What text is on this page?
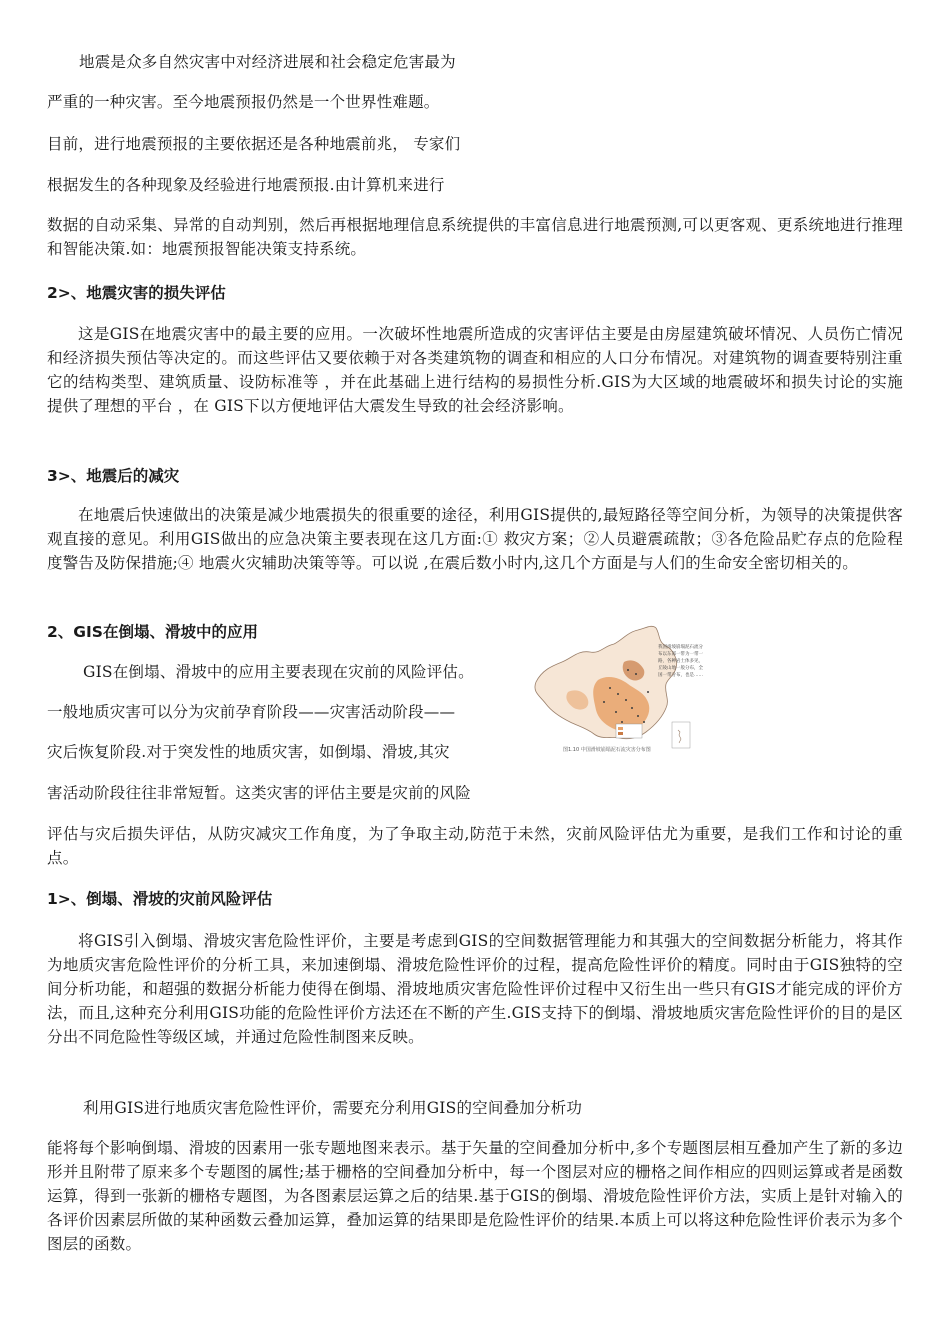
地震是众多自然灾害中对经济进展和社会稳定危害最为
严重的一种灾害。至今地震预报仍然是一个世界性难题。
目前，进行地震预报的主要依据还是各种地震前兆， 专家们
根据发生的各种现象及经验进行地震预报.由计算机来进行
数据的自动采集、异常的自动判别，然后再根据地理信息系统提供的丰富信息进行地震预测,可以更客观、更系统地进行推理和智能决策.如：地震预报智能决策支持系统。
2>、地震灾害的损失评估
这是GIS在地震灾害中的最主要的应用。一次破坏性地震所造成的灾害评估主要是由房屋建筑破坏情况、人员伤亡情况和经济损失预估等决定的。而这些评估又要依赖于对各类建筑物的调查和相应的人口分布情况。对建筑物的调查要特别注重它的结构类型、建筑质量、设防标准等 ，并在此基础上进行结构的易损性分析.GIS为大区域的地震破坏和损失讨论的实施提供了理想的平台 ，在 GIS下以方便地评估大震发生导致的社会经济影响。
3>、地震后的减灾
在地震后快速做出的决策是减少地震损失的很重要的途径，利用GIS提供的,最短路径等空间分析，为领导的决策提供客观直接的意见。利用GIS做出的应急决策主要表现在这几方面:① 救灾方案；②人员避震疏散；③各危险品贮存点的危险程度警告及防保措施;④ 地震火灾辅助决策等等。可以说 ,在震后数小时内,这几个方面是与人们的生命安全密切相关的。
2、GIS在倒塌、滑坡中的应用
GIS在倒塌、滑坡中的应用主要表现在灾前的风险评估。
一般地质灾害可以分为灾前孕育阶段——灾害活动阶段——
灾后恢复阶段.对于突发性的地质灾害，如倒塌、滑坡,其灾
害活动阶段往往非常短暂。这类灾害的评估主要是灾前的风险
评估与灾后损失评估，从防灾减灾工作角度，为了争取主动,防范于未然，灾前风险评估尤为重要，是我们工作和讨论的重点。
1>、倒塌、滑坡的灾前风险评估
将GIS引入倒塌、滑坡灾害危险性评价，主要是考虑到GIS的空间数据管理能力和其强大的空间数据分析能力，将其作为地质灾害危险性评价的分析工具，来加速倒塌、滑坡危险性评价的过程，提高危险性评价的精度。同时由于GIS独特的空间分析功能，和超强的数据分析能力使得在倒塌、滑坡地质灾害危险性评价过程中又衍生出一些只有GIS才能完成的评价方法，而且,这种充分利用GIS功能的危险性评价方法还在不断的产生.GIS支持下的倒塌、滑坡地质灾害危险性评价的目的是区分出不同危险性等级区域，并通过危险性制图来反映。
利用GIS进行地质灾害危险性评价，需要充分利用GIS的空间叠加分析功
能将每个影响倒塌、滑坡的因素用一张专题地图来表示。基于矢量的空间叠加分析中,多个专题图层相互叠加产生了新的多边形并且附带了原来多个专题图的属性;基于栅格的空间叠加分析中，每一个图层对应的栅格之间作相应的四则运算或者是函数运算，得到一张新的栅格专题图，为各图素层运算之后的结果.基于GIS的倒塌、滑坡危险性评价方法，实质上是针对输入的各评价因素层所做的某种函数云叠加运算，叠加运算的结果即是危险性评价的结果.本质上可以将这种危险性评价表示为多个图层的函数。
我国滑坡崩塌泥石流分布以东部一带为一带一路，各种岩土体多见，丘陵山地一般分布，全国一带分布，也是……
图1.10 中国滑坡崩塌泥石流灾害分布图
